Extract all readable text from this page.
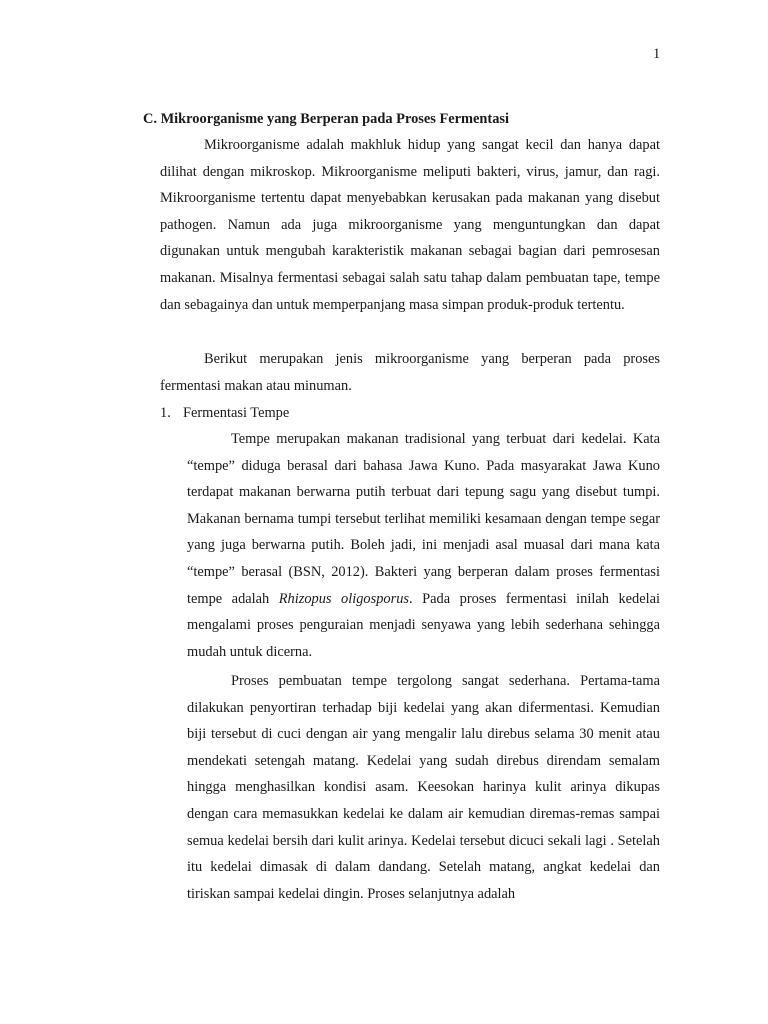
1
C. Mikroorganisme yang Berperan pada Proses Fermentasi

Mikroorganisme adalah makhluk hidup yang sangat kecil dan hanya dapat dilihat dengan mikroskop. Mikroorganisme meliputi bakteri, virus, jamur, dan ragi. Mikroorganisme tertentu dapat menyebabkan kerusakan pada makanan yang disebut pathogen. Namun ada juga mikroorganisme yang menguntungkan dan dapat digunakan untuk mengubah karakteristik makanan sebagai bagian dari pemrosesan makanan. Misalnya fermentasi sebagai salah satu tahap dalam pembuatan tape, tempe dan sebagainya dan untuk memperpanjang masa simpan produk-produk tertentu.

Berikut merupakan jenis mikroorganisme yang berperan pada proses fermentasi makan atau minuman.

1. Fermentasi Tempe

Tempe merupakan makanan tradisional yang terbuat dari kedelai. Kata “tempe” diduga berasal dari bahasa Jawa Kuno. Pada masyarakat Jawa Kuno terdapat makanan berwarna putih terbuat dari tepung sagu yang disebut tumpi. Makanan bernama tumpi tersebut terlihat memiliki kesamaan dengan tempe segar yang juga berwarna putih. Boleh jadi, ini menjadi asal muasal dari mana kata “tempe” berasal (BSN, 2012). Bakteri yang berperan dalam proses fermentasi tempe adalah Rhizopus oligosporus. Pada proses fermentasi inilah kedelai mengalami proses penguraian menjadi senyawa yang lebih sederhana sehingga mudah untuk dicerna.

Proses pembuatan tempe tergolong sangat sederhana. Pertama-tama dilakukan penyortiran terhadap biji kedelai yang akan difermentasi. Kemudian biji tersebut di cuci dengan air yang mengalir lalu direbus selama 30 menit atau mendekati setengah matang. Kedelai yang sudah direbus direndam semalam hingga menghasilkan kondisi asam. Keesokan harinya kulit arinya dikupas dengan cara memasukkan kedelai ke dalam air kemudian diremas-remas sampai semua kedelai bersih dari kulit arinya. Kedelai tersebut dicuci sekali lagi . Setelah itu kedelai dimasak di dalam dandang. Setelah matang, angkat kedelai dan tiriskan sampai kedelai dingin. Proses selanjutnya adalah
